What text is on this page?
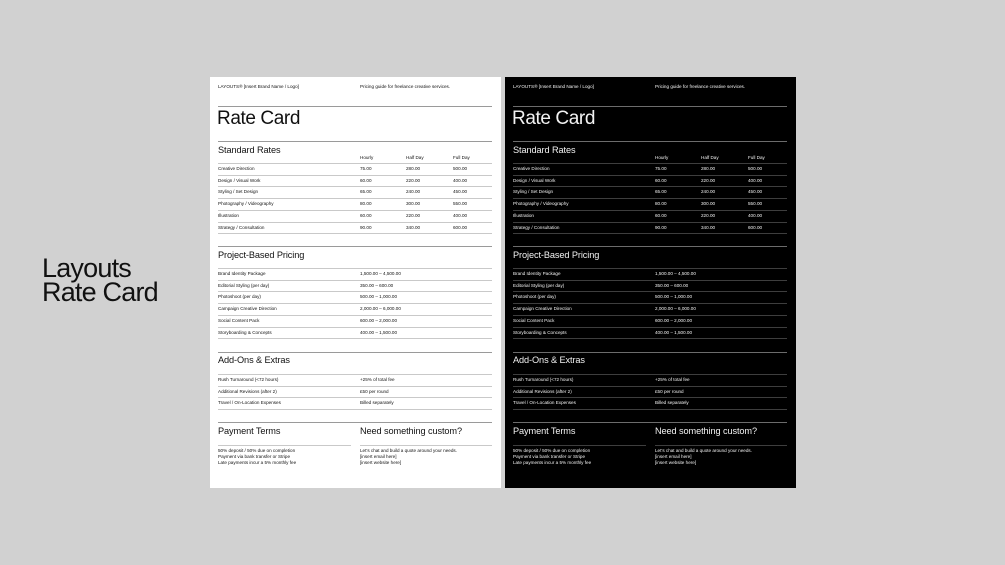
Layouts
Rate Card
LAYOUTS® [Insert Brand Name / Logo]	Pricing guide for freelance creative services.
Rate Card
Standard Rates
Hourly	Half Day	Full Day
Creative Direction	75.00	280.00	500.00
Design / Visual Work	60.00	220.00	400.00
Styling / Set Design	65.00	240.00	450.00
Photography / Videography	80.00	300.00	550.00
Illustration	60.00	220.00	400.00
Strategy / Consultation	90.00	340.00	600.00
Project-Based Pricing
Brand Identity Package	1,500.00 – 4,500.00
Editorial Styling (per day)	350.00 – 600.00
Photoshoot (per day)	500.00 – 1,000.00
Campaign Creative Direction	2,000.00 – 6,000.00
Social Content Pack	600.00 – 2,000.00
Storyboarding & Concepts	400.00 – 1,500.00
Add-Ons & Extras
Rush Turnaround (<72 hours)	+25% of total fee
Additional Revisions (after 2)	£50 per round
Travel / On-Location Expenses	Billed separately
Payment Terms	Need something custom?
50% deposit / 50% due on completion
Payment via bank transfer or Stripe
Late payments incur a 5% monthly fee
Let’s chat and build a quote around your needs.
[insert email here]
[insert website here]
LAYOUTS® [Insert Brand Name / Logo]	Pricing guide for freelance creative services.
Rate Card
Standard Rates
Hourly	Half Day	Full Day
Creative Direction	75.00	280.00	500.00
Design / Visual Work	60.00	220.00	400.00
Styling / Set Design	65.00	240.00	450.00
Photography / Videography	80.00	300.00	550.00
Illustration	60.00	220.00	400.00
Strategy / Consultation	90.00	340.00	600.00
Project-Based Pricing
Brand Identity Package	1,500.00 – 4,500.00
Editorial Styling (per day)	350.00 – 600.00
Photoshoot (per day)	500.00 – 1,000.00
Campaign Creative Direction	2,000.00 – 6,000.00
Social Content Pack	600.00 – 2,000.00
Storyboarding & Concepts	400.00 – 1,500.00
Add-Ons & Extras
Rush Turnaround (<72 hours)	+25% of total fee
Additional Revisions (after 2)	£50 per round
Travel / On-Location Expenses	Billed separately
Payment Terms	Need something custom?
50% deposit / 50% due on completion
Payment via bank transfer or Stripe
Late payments incur a 5% monthly fee
Let’s chat and build a quote around your needs.
[insert email here]
[insert website here]
